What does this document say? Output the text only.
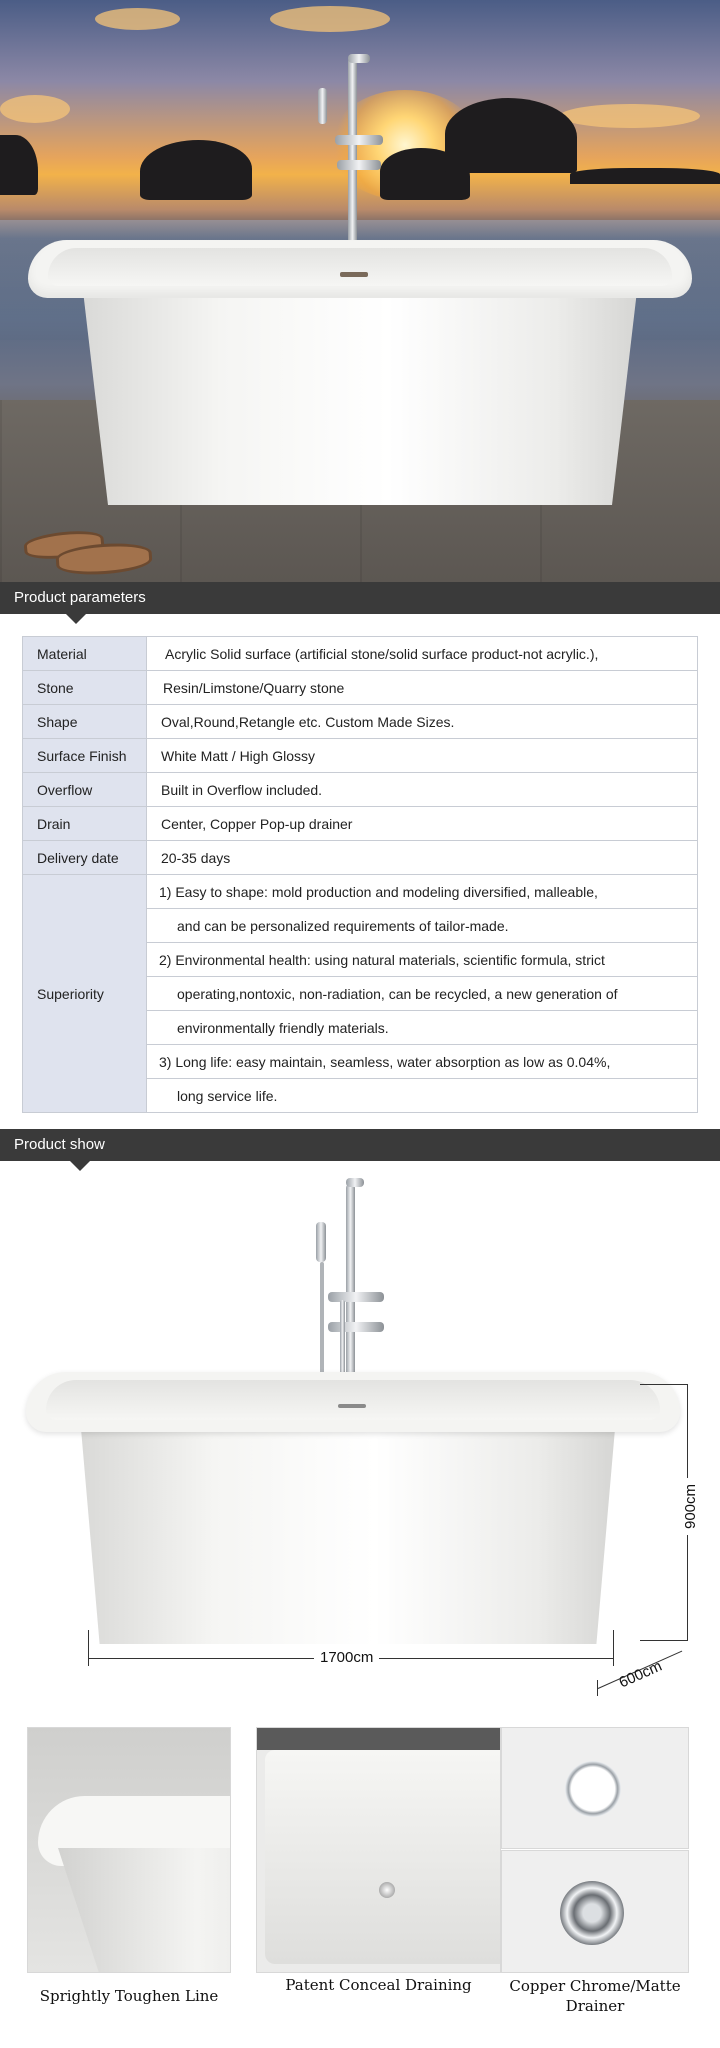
Product parameters
Material	Acrylic Solid surface (artificial stone/solid surface product-not acrylic.),
Stone	Resin/Limstone/Quarry stone
Shape	Oval,Round,Retangle etc. Custom Made Sizes.
Surface Finish	White Matt / High Glossy
Overflow	Built in Overflow included.
Drain	Center, Copper Pop-up drainer
Delivery date	20-35 days
Superiority	1) Easy to shape: mold production and modeling diversified, malleable,
	and can be personalized requirements of tailor-made.
	2) Environmental health: using natural materials, scientific formula, strict
	operating,nontoxic, non-radiation, can be recycled, a new generation of
	environmentally friendly materials.
	3) Long life: easy maintain, seamless, water absorption as low as 0.04%,
	long service life.
Product show
1700cm
900cm
600cm
Sprightly Toughen Line
Patent Conceal Draining	Copper Chrome/Matte Drainer
